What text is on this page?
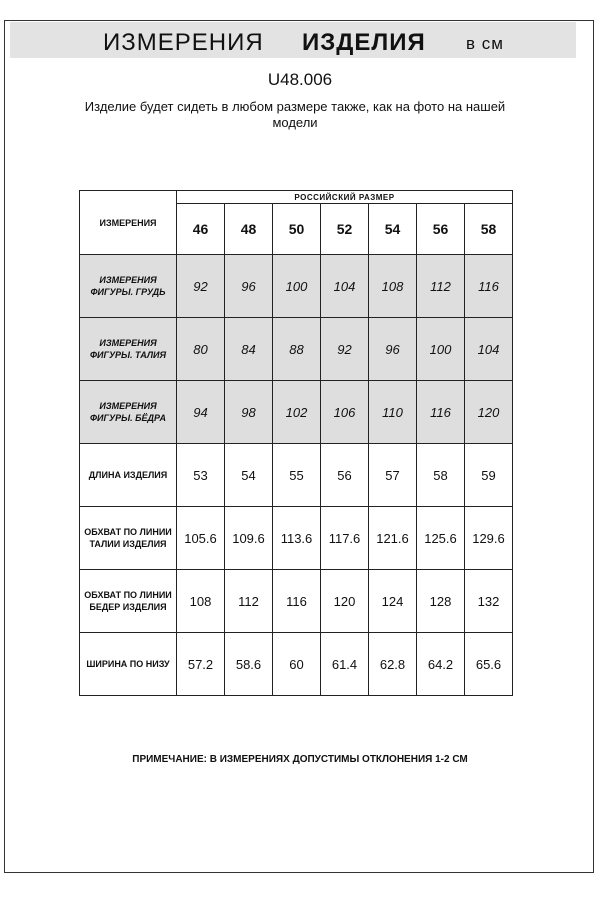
ИЗМЕРЕНИЯ ИЗДЕЛИЯ в см
U48.006
Изделие будет сидеть в любом размере также, как на фото на нашей модели
ИЗМЕРЕНИЯ	РОССИЙСКИЙ РАЗМЕР						
	46	48	50	52	54	56	58
ИЗМЕРЕНИЯ ФИГУРЫ. ГРУДЬ	92	96	100	104	108	112	116
ИЗМЕРЕНИЯ ФИГУРЫ. ТАЛИЯ	80	84	88	92	96	100	104
ИЗМЕРЕНИЯ ФИГУРЫ. БЁДРА	94	98	102	106	110	116	120
ДЛИНА ИЗДЕЛИЯ	53	54	55	56	57	58	59
ОБХВАТ ПО ЛИНИИ ТАЛИИ ИЗДЕЛИЯ	105.6	109.6	113.6	117.6	121.6	125.6	129.6
ОБХВАТ ПО ЛИНИИ БЕДЕР ИЗДЕЛИЯ	108	112	116	120	124	128	132
ШИРИНА ПО НИЗУ	57.2	58.6	60	61.4	62.8	64.2	65.6
ПРИМЕЧАНИЕ: В ИЗМЕРЕНИЯХ ДОПУСТИМЫ ОТКЛОНЕНИЯ 1-2 СМ
